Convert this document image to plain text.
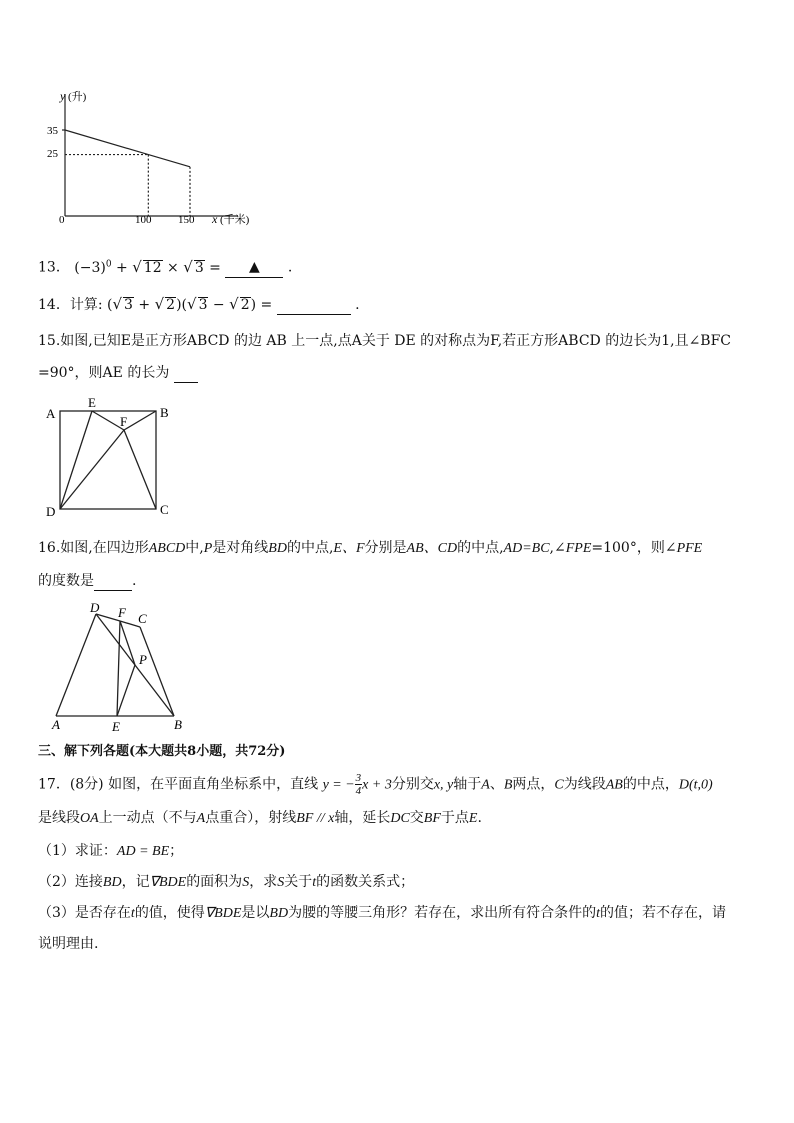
y (升)
x (千米)
0
35
25
100 150
13． $(-3)^0$ + √ 12 × √ 3 = ▲ .
14．计算: (√ 3 + √ 2)(√ 3 − √ 2) =	.
15.如图,已知E是正方形ABCD 的边 AB 上一点,点A关于 DE 的对称点为F,若正方形ABCD 的边长为1,且∠BFC
=90°，则AE 的长为
A
E
B
F
D	C
16.如图,在四边形ABCD中,P是对角线BD的中点,E、F分别是AB、CD的中点,AD=BC,∠FPE=100°，则∠PFE
的度数是	.
D F C
P
A	E	B
三、解下列各题(本大题共8小题，共72分)
17．(8分) 如图，在平面直角坐标系中，直线 y = − $\frac{3}{4}$ x + 3分别交x, y轴于A、B两点，C为线段AB的中点，D(t,0)
是线段OA上一动点（不与A点重合），射线BF // x轴，延长DC交BF于点E.
（1）求证：AD = BE；
（2）连接BD，记∇BDE的面积为S，求S关于t的函数关系式；
（3）是否存在t的值，使得∇BDE是以BD为腰的等腰三角形？若存在，求出所有符合条件的t的值；若不存在，请
说明理由.
